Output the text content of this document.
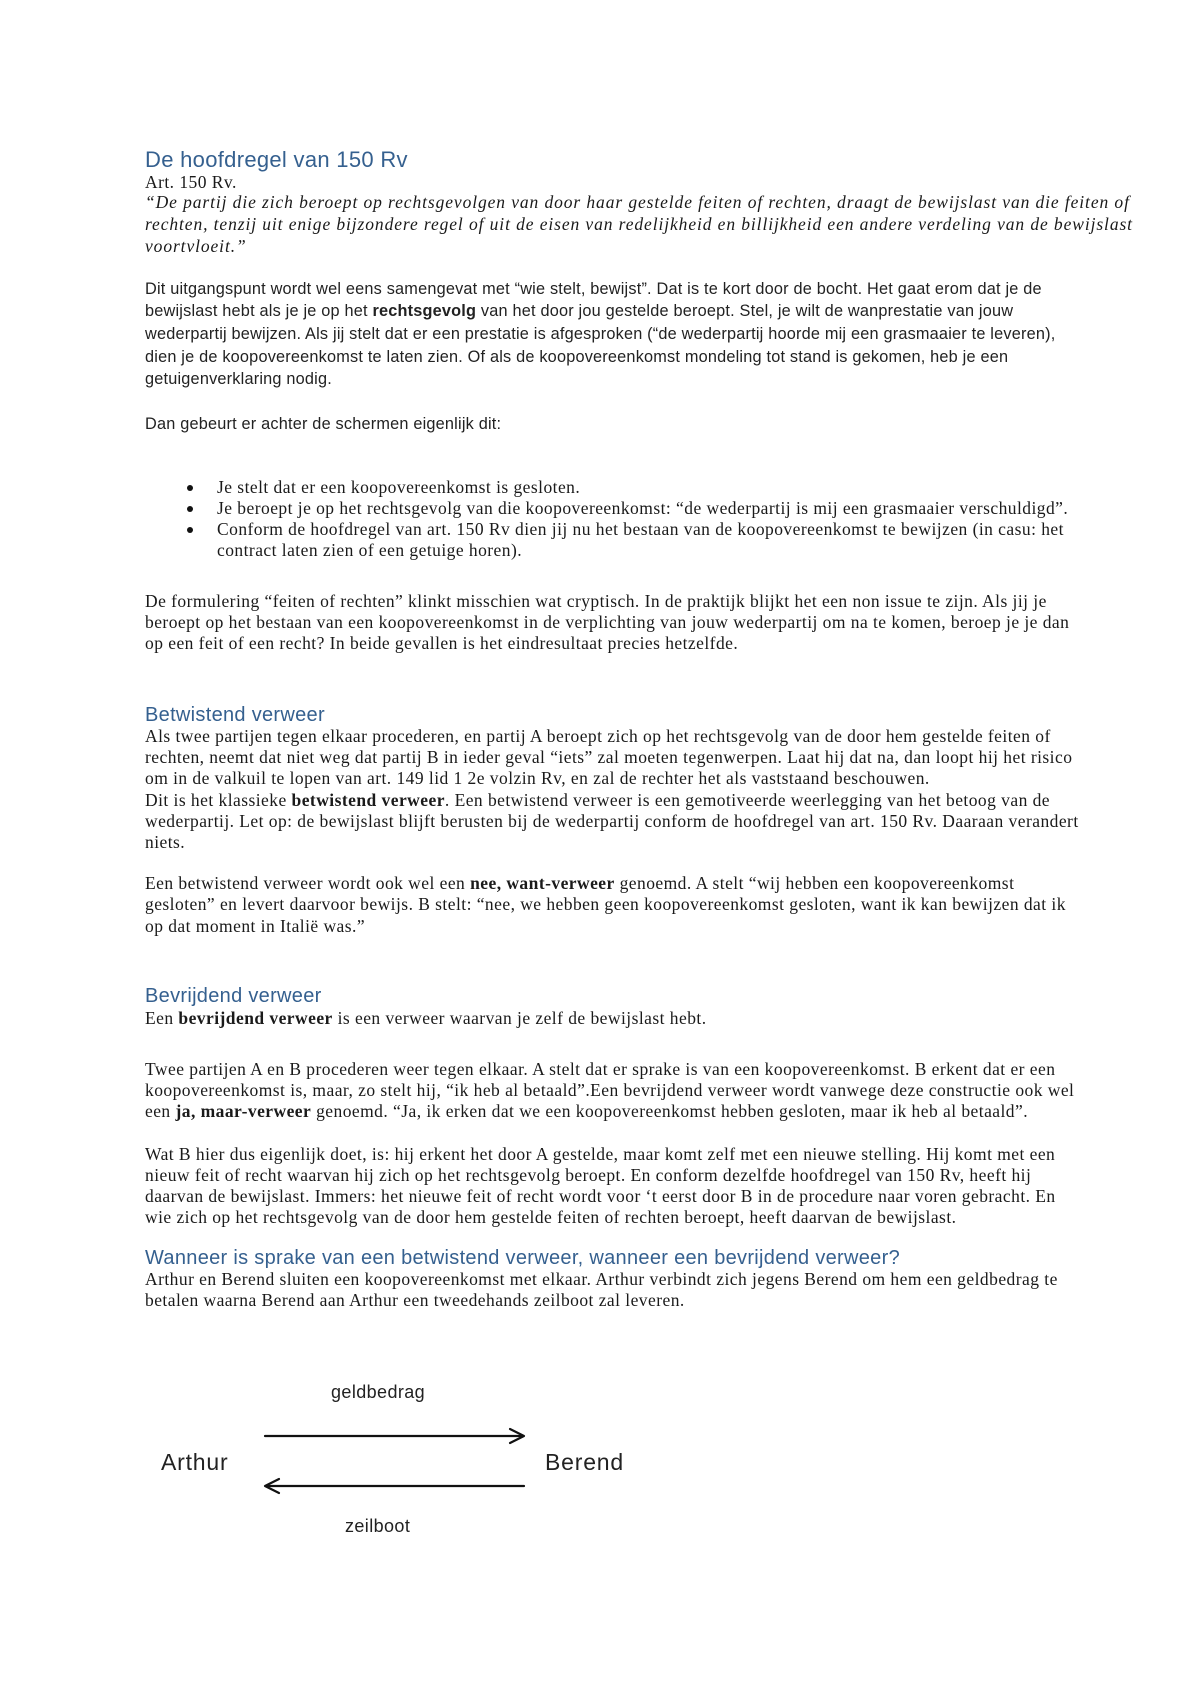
De hoofdregel van 150 Rv
Art. 150 Rv.
“De partij die zich beroept op rechtsgevolgen van door haar gestelde feiten of rechten, draagt de bewijslast van die feiten of
rechten, tenzij uit enige bijzondere regel of uit de eisen van redelijkheid en billijkheid een andere verdeling van de bewijslast
voortvloeit.”
Dit uitgangspunt wordt wel eens samengevat met “wie stelt, bewijst”. Dat is te kort door de bocht. Het gaat erom dat je de
bewijslast hebt als je je op het rechtsgevolg van het door jou gestelde beroept. Stel, je wilt de wanprestatie van jouw
wederpartij bewijzen. Als jij stelt dat er een prestatie is afgesproken (“de wederpartij hoorde mij een grasmaaier te leveren),
dien je de koopovereenkomst te laten zien. Of als de koopovereenkomst mondeling tot stand is gekomen, heb je een
getuigenverklaring nodig.
Dan gebeurt er achter de schermen eigenlijk dit:
Je stelt dat er een koopovereenkomst is gesloten.
Je beroept je op het rechtsgevolg van die koopovereenkomst: “de wederpartij is mij een grasmaaier verschuldigd”.
Conform de hoofdregel van art. 150 Rv dien jij nu het bestaan van de koopovereenkomst te bewijzen (in casu: het
contract laten zien of een getuige horen).
De formulering “feiten of rechten” klinkt misschien wat cryptisch. In de praktijk blijkt het een non issue te zijn. Als jij je
beroept op het bestaan van een koopovereenkomst in de verplichting van jouw wederpartij om na te komen, beroep je je dan
op een feit of een recht? In beide gevallen is het eindresultaat precies hetzelfde.
Betwistend verweer
Als twee partijen tegen elkaar procederen, en partij A beroept zich op het rechtsgevolg van de door hem gestelde feiten of
rechten, neemt dat niet weg dat partij B in ieder geval “iets” zal moeten tegenwerpen. Laat hij dat na, dan loopt hij het risico
om in de valkuil te lopen van art. 149 lid 1 2e volzin Rv, en zal de rechter het als vaststaand beschouwen.
Dit is het klassieke betwistend verweer. Een betwistend verweer is een gemotiveerde weerlegging van het betoog van de
wederpartij. Let op: de bewijslast blijft berusten bij de wederpartij conform de hoofdregel van art. 150 Rv. Daaraan verandert
niets.
Een betwistend verweer wordt ook wel een nee, want-verweer genoemd. A stelt “wij hebben een koopovereenkomst
gesloten” en levert daarvoor bewijs. B stelt: “nee, we hebben geen koopovereenkomst gesloten, want ik kan bewijzen dat ik
op dat moment in Italië was.”
Bevrijdend verweer
Een bevrijdend verweer is een verweer waarvan je zelf de bewijslast hebt.
Twee partijen A en B procederen weer tegen elkaar. A stelt dat er sprake is van een koopovereenkomst. B erkent dat er een
koopovereenkomst is, maar, zo stelt hij, “ik heb al betaald”.Een bevrijdend verweer wordt vanwege deze constructie ook wel
een ja, maar-verweer genoemd. “Ja, ik erken dat we een koopovereenkomst hebben gesloten, maar ik heb al betaald”.
Wat B hier dus eigenlijk doet, is: hij erkent het door A gestelde, maar komt zelf met een nieuwe stelling. Hij komt met een
nieuw feit of recht waarvan hij zich op het rechtsgevolg beroept. En conform dezelfde hoofdregel van 150 Rv, heeft hij
daarvan de bewijslast. Immers: het nieuwe feit of recht wordt voor ‘t eerst door B in de procedure naar voren gebracht. En
wie zich op het rechtsgevolg van de door hem gestelde feiten of rechten beroept, heeft daarvan de bewijslast.
Wanneer is sprake van een betwistend verweer, wanneer een bevrijdend verweer?
Arthur en Berend sluiten een koopovereenkomst met elkaar. Arthur verbindt zich jegens Berend om hem een geldbedrag te
betalen waarna Berend aan Arthur een tweedehands zeilboot zal leveren.
geldbedrag
Arthur	Berend
zeilboot
